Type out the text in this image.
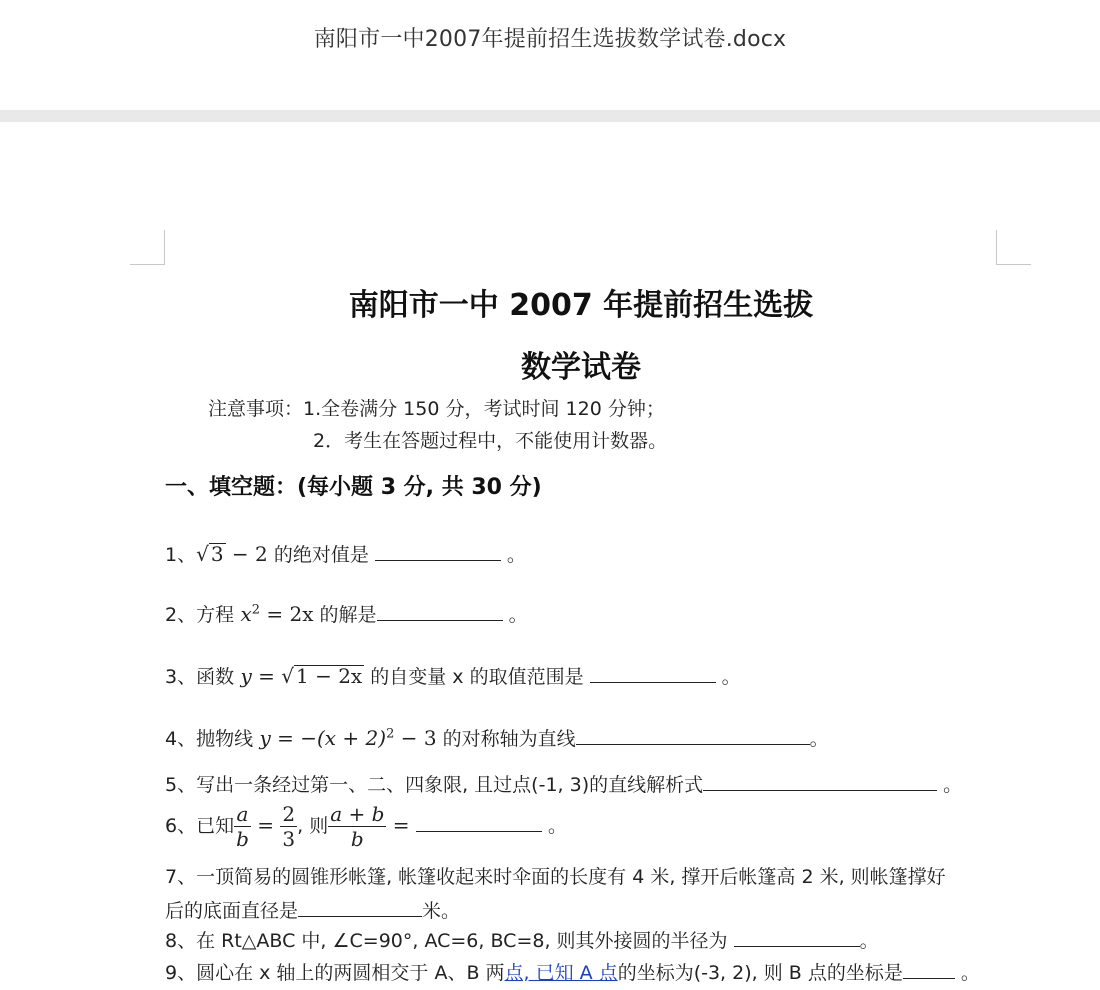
南阳市一中2007年提前招生选拔数学试卷.docx
南阳市一中 2007 年提前招生选拔
数学试卷
注意事项：1.全卷满分 150 分，考试时间 120 分钟；
2．考生在答题过程中，不能使用计数器。
一、填空题：(每小题 3 分, 共 30 分)
1、√ 3 − 2 的绝对值是	。
2、方程 $x^2 = 2x$ 的解是	。
3、函数 y = √ 1 − 2x 的自变量 x 的取值范围是	。
4、抛物线 $y = -(x + 2)^2 - 3$ 的对称轴为直线	。
5、写出一条经过第一、二、四象限, 且过点(-1, 3)的直线解析式	。
6、已知 $\frac{a}{b} = \frac{2}{3}$ , 则 $\frac{a + b}{b}$ =	。
7、一顶简易的圆锥形帐篷, 帐篷收起来时伞面的长度有 4 米, 撑开后帐篷高 2 米, 则帐篷撑好
后的底面直径是	米。
8、在 Rt△ABC 中, ∠C=90°, AC=6, BC=8, 则其外接圆的半径为	。
9、圆心在 x 轴上的两圆相交于 A、B 两点, 已知 A 点的坐标为(-3, 2), 则 B 点的坐标是	。
